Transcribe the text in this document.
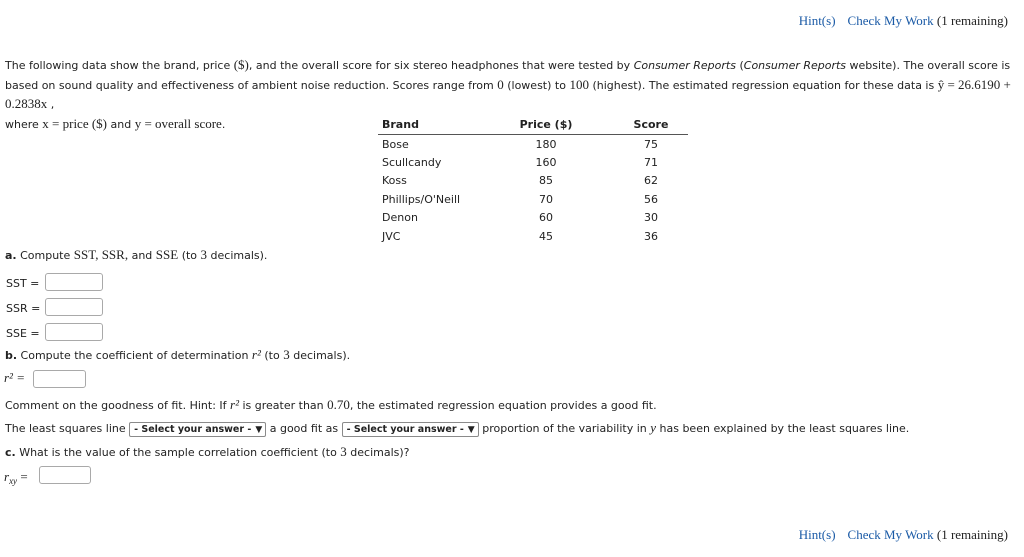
Hint(s) Check My Work (1 remaining)
The following data show the brand, price ($), and the overall score for six stereo headphones that were tested by Consumer Reports (Consumer Reports website). The overall score is based on sound quality and effectiveness of ambient noise reduction. Scores range from 0 (lowest) to 100 (highest). The estimated regression equation for these data is ŷ = 26.6190 + 0.2838x ,
where x = price ($) and y = overall score.	Brand	Price ($)	Score
Bose	180	75
Scullcandy	160	71
Koss	85	62
Phillips/O'Neill	70	56
Denon	60	30
JVC	45	36
a. Compute SST, SSR, and SSE (to 3 decimals).
SST =
SSR =
SSE =
b. Compute the coefficient of determination r² (to 3 decimals).
r² =
Comment on the goodness of fit. Hint: If r² is greater than 0.70, the estimated regression equation provides a good fit.
The least squares line - Select your answer - ▼ a good fit as - Select your answer - ▼ proportion of the variability in y has been explained by the least squares line.
c. What is the value of the sample correlation coefficient (to 3 decimals)?
$r_{xy}$ =
Hint(s) Check My Work (1 remaining)
